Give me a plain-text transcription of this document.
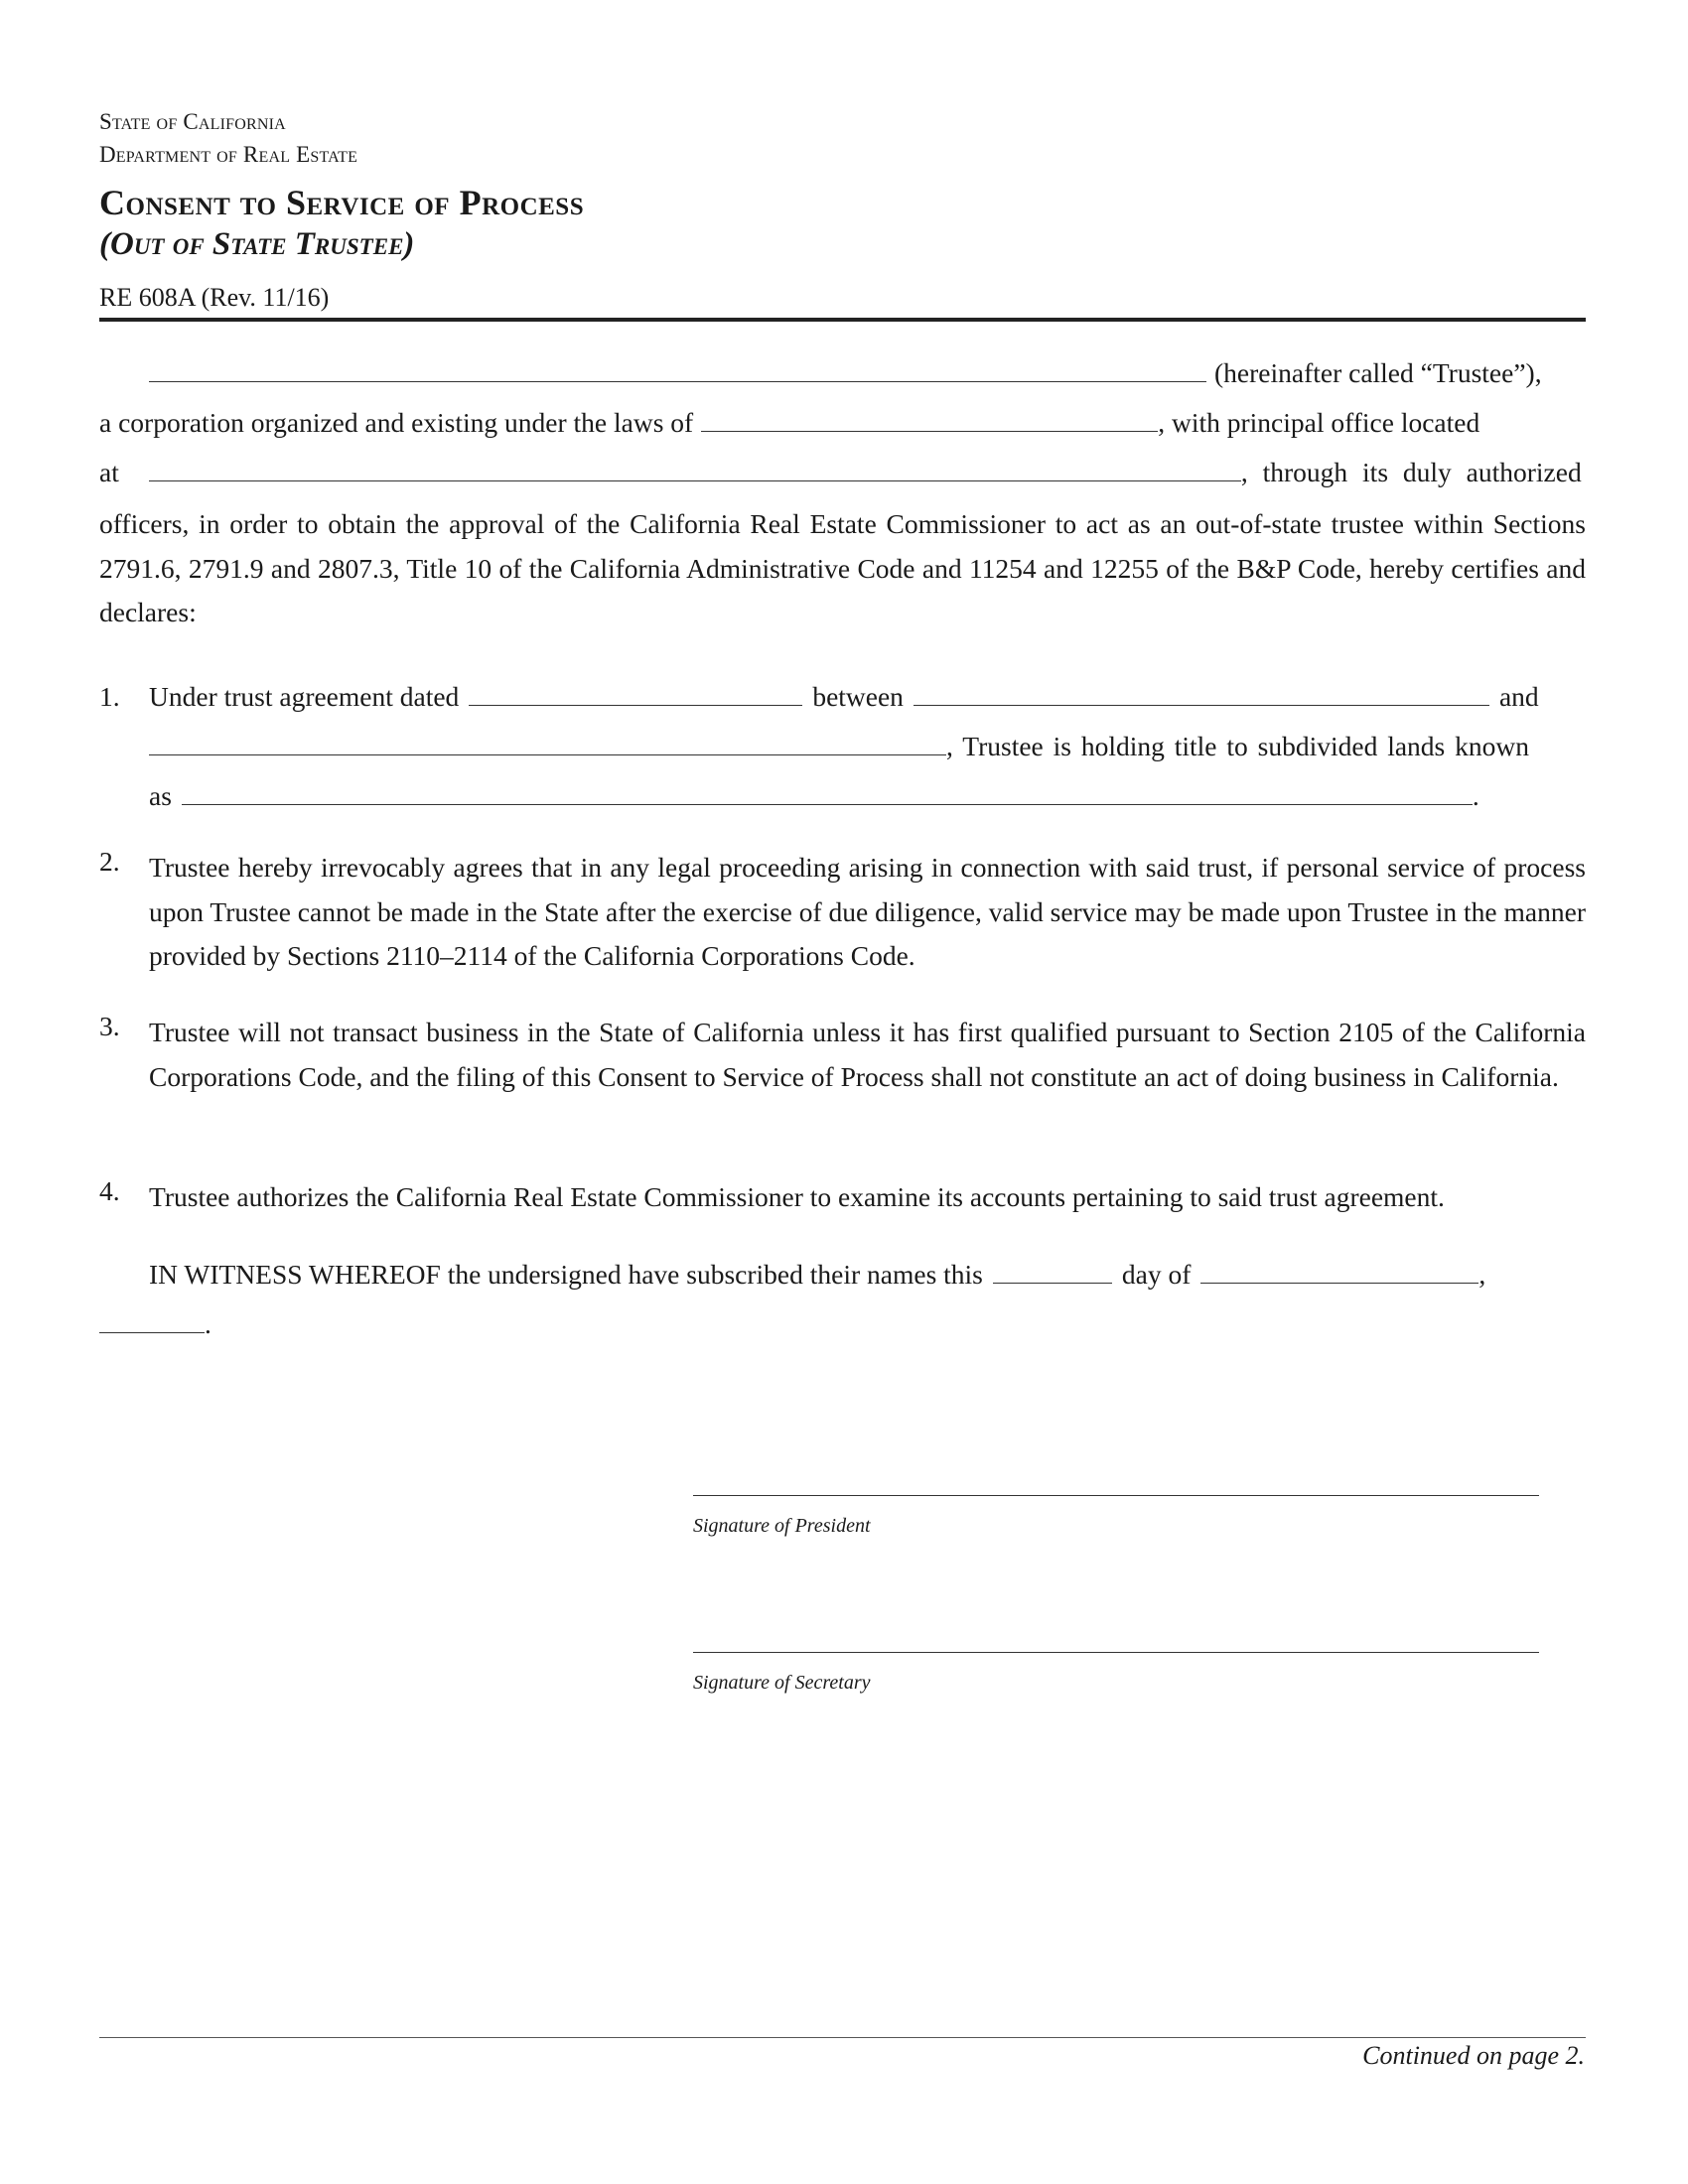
State of California
Department of Real Estate
Consent to Service of Process
(Out of State Trustee)
RE 608A (Rev. 11/16)
(hereinafter called “Trustee”),
a corporation organized and existing under the laws of	, with principal office located
at	, through its duly authorized
officers, in order to obtain the approval of the California Real Estate Commissioner to act as an out-of-state trustee within Sections 2791.6, 2791.9 and 2807.3, Title 10 of the California Administrative Code and 11254 and 12255 of the B&P Code, hereby certifies and declares:
1. Under trust agreement dated	between	and
, Trustee is holding title to subdivided lands known
as	.
2. Trustee hereby irrevocably agrees that in any legal proceeding arising in connection with said trust, if personal service of process upon Trustee cannot be made in the State after the exercise of due diligence, valid service may be made upon Trustee in the manner provided by Sections 2110–2114 of the California Corporations Code.
3. Trustee will not transact business in the State of California unless it has first qualified pursuant to Section 2105 of the California Corporations Code, and the filing of this Consent to Service of Process shall not constitute an act of doing business in California.
4. Trustee authorizes the California Real Estate Commissioner to examine its accounts pertaining to said trust agreement.
IN WITNESS WHEREOF the undersigned have subscribed their names this	day of	,
.
Signature of President
Signature of Secretary
Continued on page 2.
